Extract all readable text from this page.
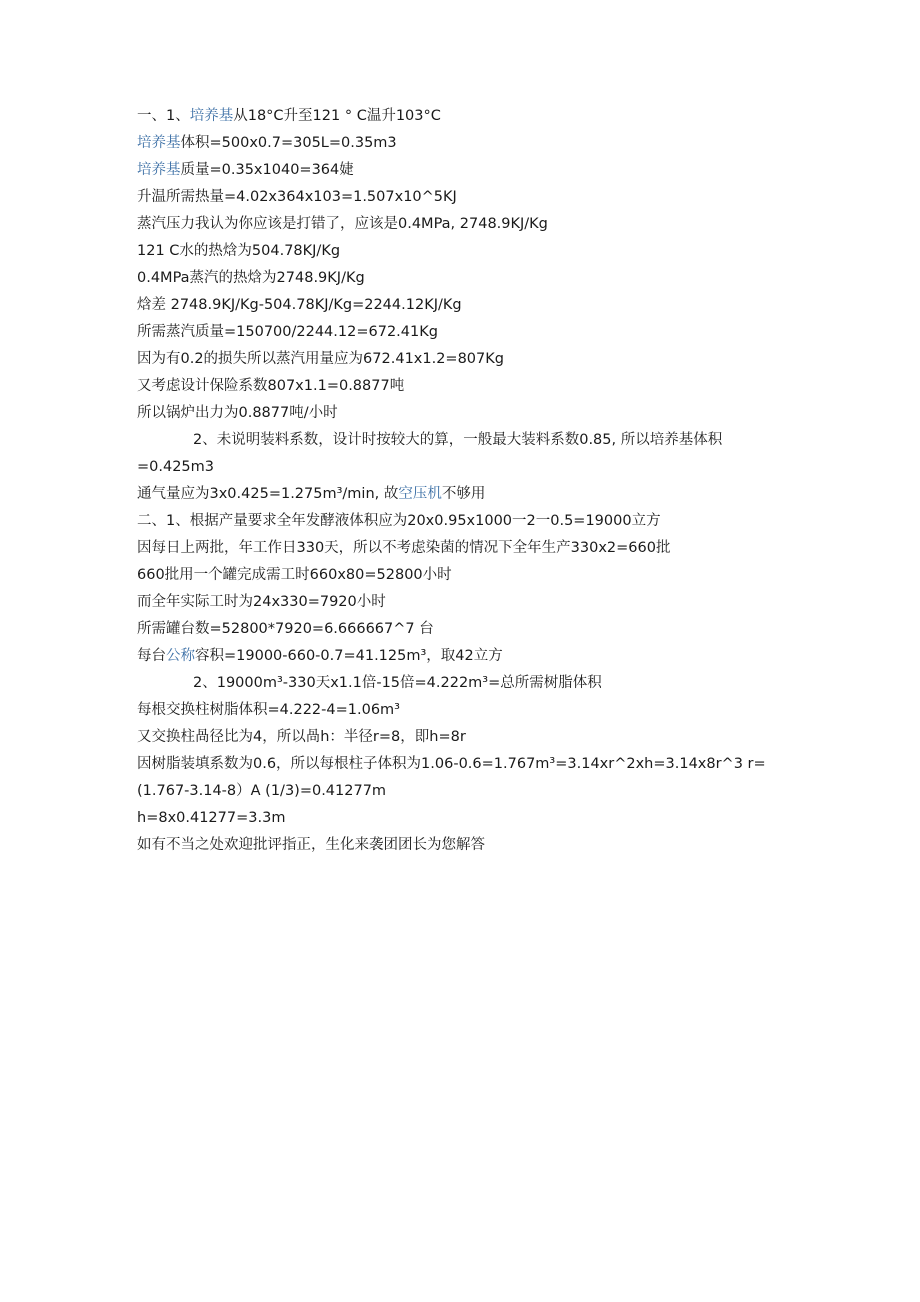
一、1、培养基从18°C升至121 ° C温升103°C

培养基体积=500x0.7=305L=0.35m3

培养基质量=0.35x1040=364婕

升温所需热量=4.02x364x103=1.507x10^5KJ

蒸汽压力我认为你应该是打错了，应该是0.4MPa, 2748.9KJ/Kg

121 C水的热焓为504.78KJ/Kg

0.4MPa蒸汽的热焓为2748.9KJ/Kg

焓差 2748.9KJ/Kg-504.78KJ/Kg=2244.12KJ/Kg

所需蒸汽质量=150700/2244.12=672.41Kg

因为有0.2的损失所以蒸汽用量应为672.41x1.2=807Kg

又考虑设计保险系数807x1.1=0.8877吨

所以锅炉出力为0.8877吨/小时

2、未说明装料系数，设计时按较大的算，一般最大装料系数0.85, 所以培养基体积=0.425m3

通气量应为3x0.425=1.275m³/min, 故空压机不够用

二、1、根据产量要求全年发酵液体积应为20x0.95x1000一2一0.5=19000立方

因每日上两批，年工作日330天，所以不考虑染菌的情况下全年生产330x2=660批

660批用一个罐完成需工时660x80=52800小时

而全年实际工时为24x330=7920小时

所需罐台数=52800*7920=6.666667^7 台

每台公称容积=19000-660-0.7=41.125m³，取42立方

2、19000m³-330天x1.1倍-15倍=4.222m³=总所需树脂体积

每根交换柱树脂体积=4.222-4=1.06m³

又交换柱咼径比为4，所以咼h：半径r=8，即h=8r

因树脂装填系数为0.6，所以每根柱子体积为1.06-0.6=1.767m³=3.14xr^2xh=3.14x8r^3 r=(1.767-3.14-8）A (1/3)=0.41277m

h=8x0.41277=3.3m

如有不当之处欢迎批评指正，生化来袭团团长为您解答
